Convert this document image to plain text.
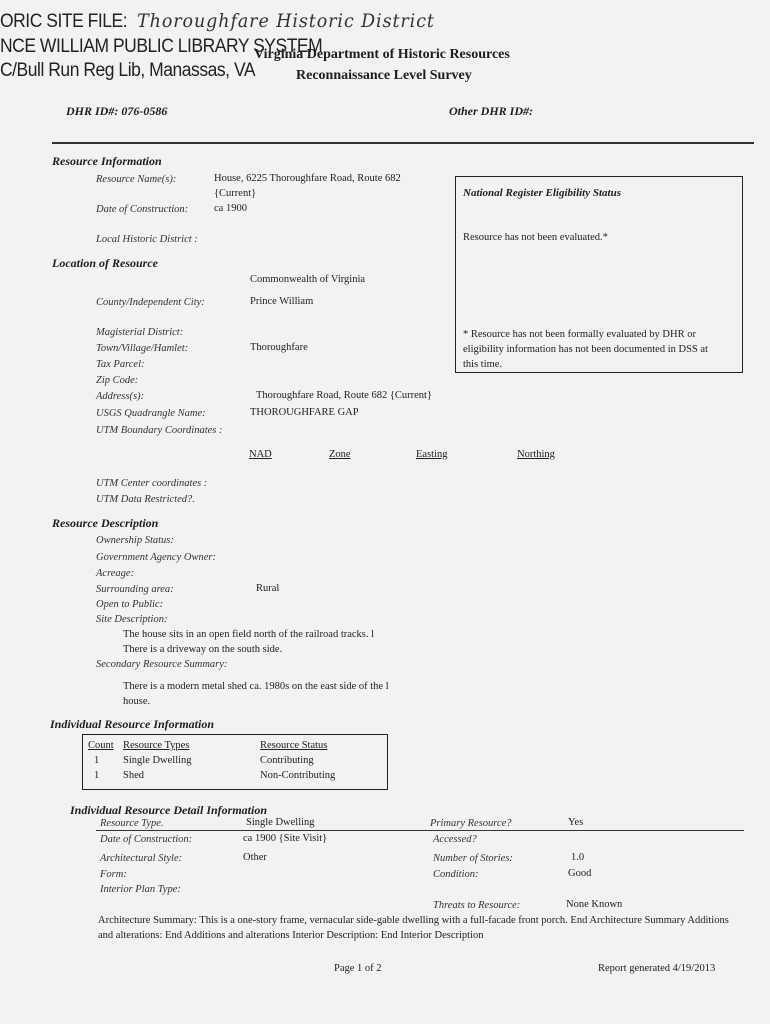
ORIC SITE FILE: Thoroughfare Historic District
NCE WILLIAM PUBLIC LIBRARY SYSTEM
C/Bull Run Reg Lib, Manassas, VA
Virginia Department of Historic Resources
Reconnaissance Level Survey
DHR ID#: 076-0586	Other DHR ID#:
Resource Information
Resource Name(s):	House, 6225 Thoroughfare Road, Route 682
{Current}
Date of Construction: ca 1900
Local Historic District :
National Register Eligibility Status
Resource has not been evaluated.*
* Resource has not been formally evaluated by DHR or eligibility information has not been documented in DSS at this time.
Location of Resource
Commonwealth of Virginia
County/Independent City:	Prince William
Magisterial District:
Town/Village/Hamlet:	Thoroughfare
Tax Parcel:
Zip Code:
Address(s):	Thoroughfare Road, Route 682 {Current}
USGS Quadrangle Name:	THOROUGHFARE GAP
UTM Boundary Coordinates :
NAD	Zone	Easting	Northing
UTM Center coordinates :
UTM Data Restricted?.
Resource Description
Ownership Status:
Government Agency Owner:
Acreage:
Surrounding area:	Rural
Open to Public:
Site Description:
The house sits in an open field north of the railroad tracks. l
There is a driveway on the south side.
Secondary Resource Summary:
There is a modern metal shed ca. 1980s on the east side of the l
house.
Individual Resource Information
Count Resource Types	Resource Status
1 Single Dwelling	Contributing
1 Shed	Non-Contributing
Individual Resource Detail Information
Resource Type.	Single Dwelling	Primary Resource?	Yes
Date of Construction:	ca 1900 {Site Visit}	Accessed?
Architectural Style:	Other	Number of Stories:	1.0
Form:	Condition:	Good
Interior Plan Type:
Threats to Resource:	None Known
Architecture Summary: This is a one-story frame, vernacular side-gable dwelling with a full-facade front porch. End Architecture Summary Additions and alterations: End Additions and alterations Interior Description: End Interior Description
Page 1 of 2	Report generated 4/19/2013
